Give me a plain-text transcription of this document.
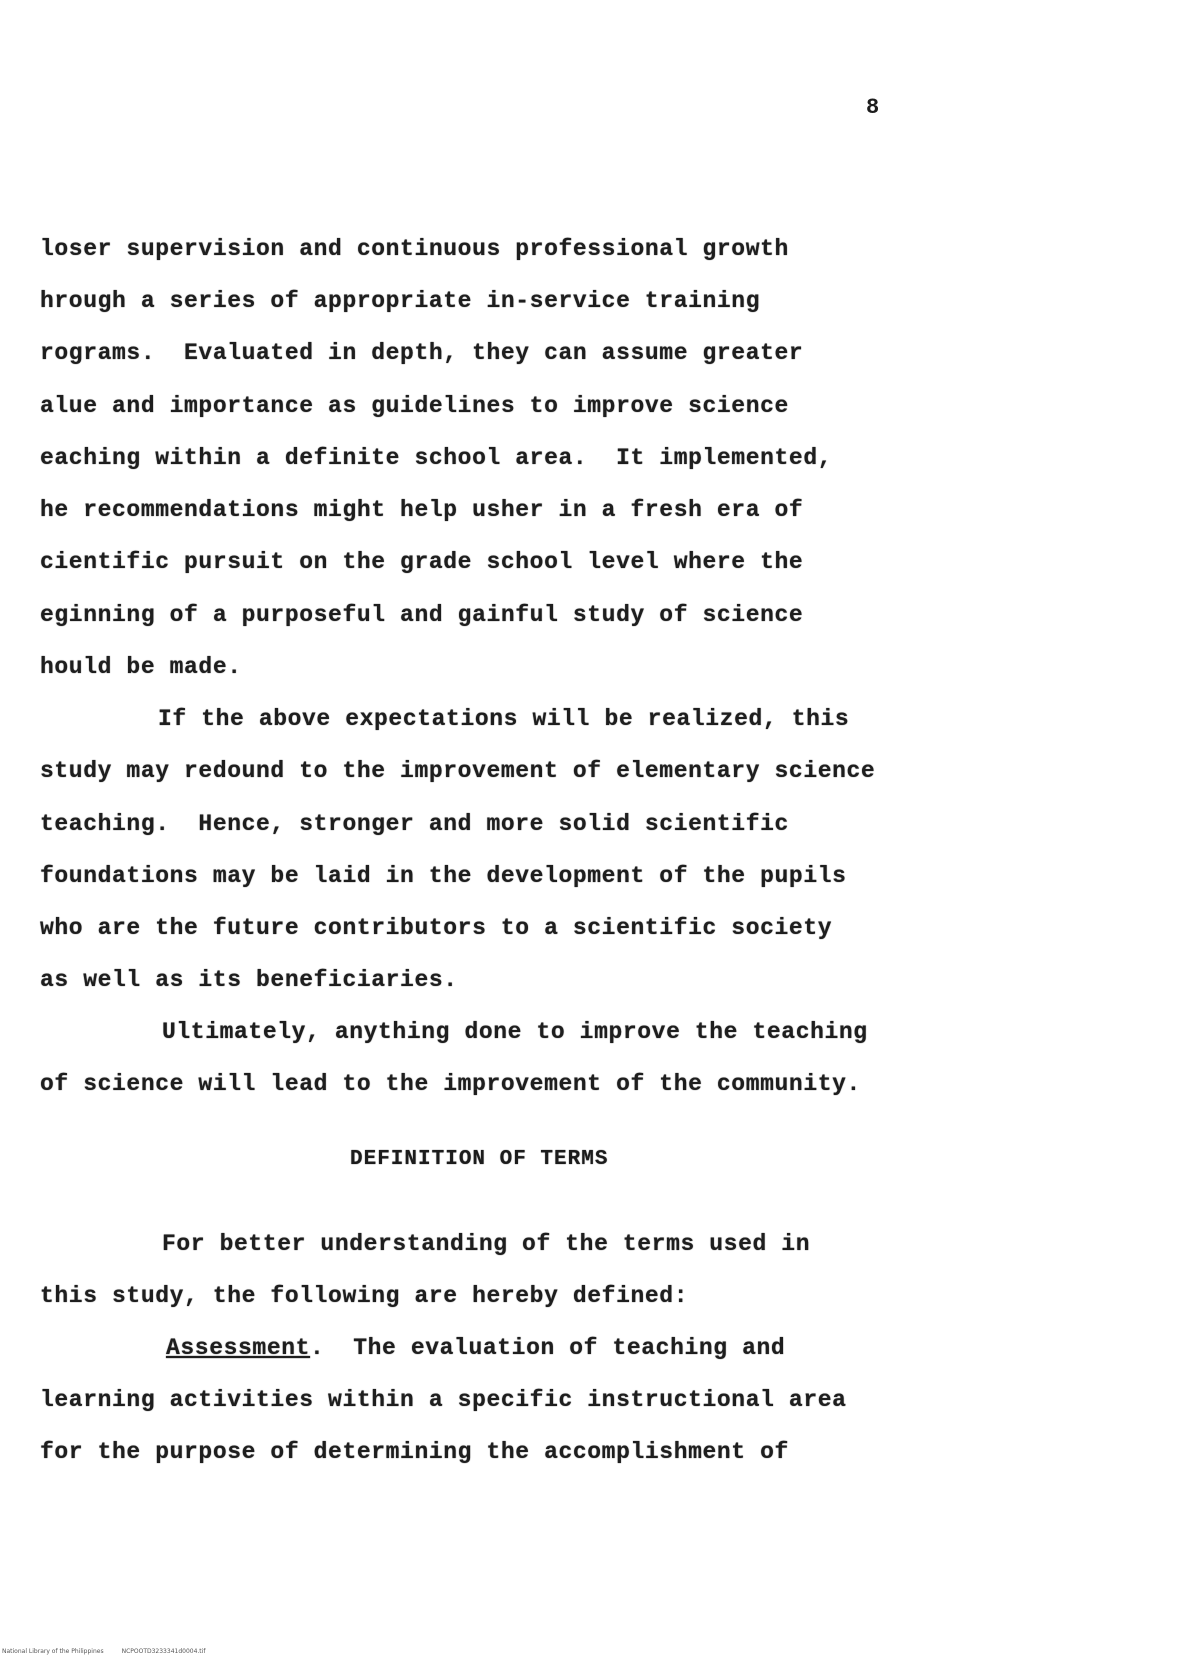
8
loser supervision and continuous professional growth
hrough a series of appropriate in-service training
rograms.  Evaluated in depth, they can assume greater
alue and importance as guidelines to improve science
eaching within a definite school area.  It implemented,
he recommendations might help usher in a fresh era of
cientific pursuit on the grade school level where the
eginning of a purposeful and gainful study of science
hould be made.
If the above expectations will be realized, this
study may redound to the improvement of elementary science
teaching.  Hence, stronger and more solid scientific
foundations may be laid in the development of the pupils
who are the future contributors to a scientific society
as well as its beneficiaries.
Ultimately, anything done to improve the teaching
of science will lead to the improvement of the community.
DEFINITION OF TERMS
For better understanding of the terms used in
this study, the following are hereby defined:
Assessment.  The evaluation of teaching and
learning activities within a specific instructional area
for the purpose of determining the accomplishment of
National Library of the Philippines	NCPOOTD3233341d0004.tif
